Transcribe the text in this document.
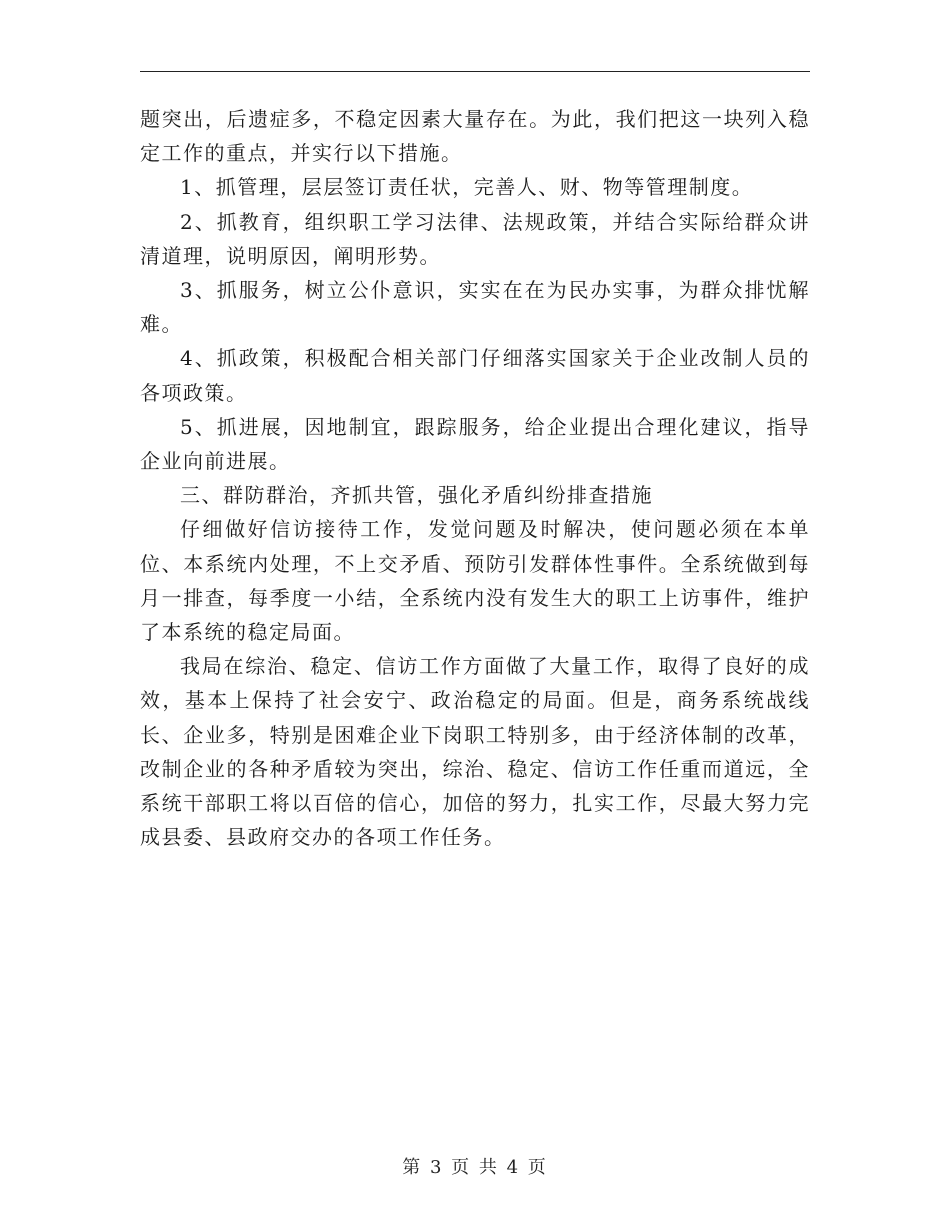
题突出，后遗症多，不稳定因素大量存在。为此，我们把这一块列入稳定工作的重点，并实行以下措施。

1、抓管理，层层签订责任状，完善人、财、物等管理制度。

2、抓教育，组织职工学习法律、法规政策，并结合实际给群众讲清道理，说明原因，阐明形势。

3、抓服务，树立公仆意识，实实在在为民办实事，为群众排忧解难。

4、抓政策，积极配合相关部门仔细落实国家关于企业改制人员的各项政策。

5、抓进展，因地制宜，跟踪服务，给企业提出合理化建议，指导企业向前进展。

三、群防群治，齐抓共管，强化矛盾纠纷排查措施

仔细做好信访接待工作，发觉问题及时解决，使问题必须在本单位、本系统内处理，不上交矛盾、预防引发群体性事件。全系统做到每月一排查，每季度一小结，全系统内没有发生大的职工上访事件，维护了本系统的稳定局面。

我局在综治、稳定、信访工作方面做了大量工作，取得了良好的成效，基本上保持了社会安宁、政治稳定的局面。但是，商务系统战线长、企业多，特别是困难企业下岗职工特别多，由于经济体制的改革，改制企业的各种矛盾较为突出，综治、稳定、信访工作任重而道远，全系统干部职工将以百倍的信心，加倍的努力，扎实工作，尽最大努力完成县委、县政府交办的各项工作任务。

第 3 页 共 4 页
